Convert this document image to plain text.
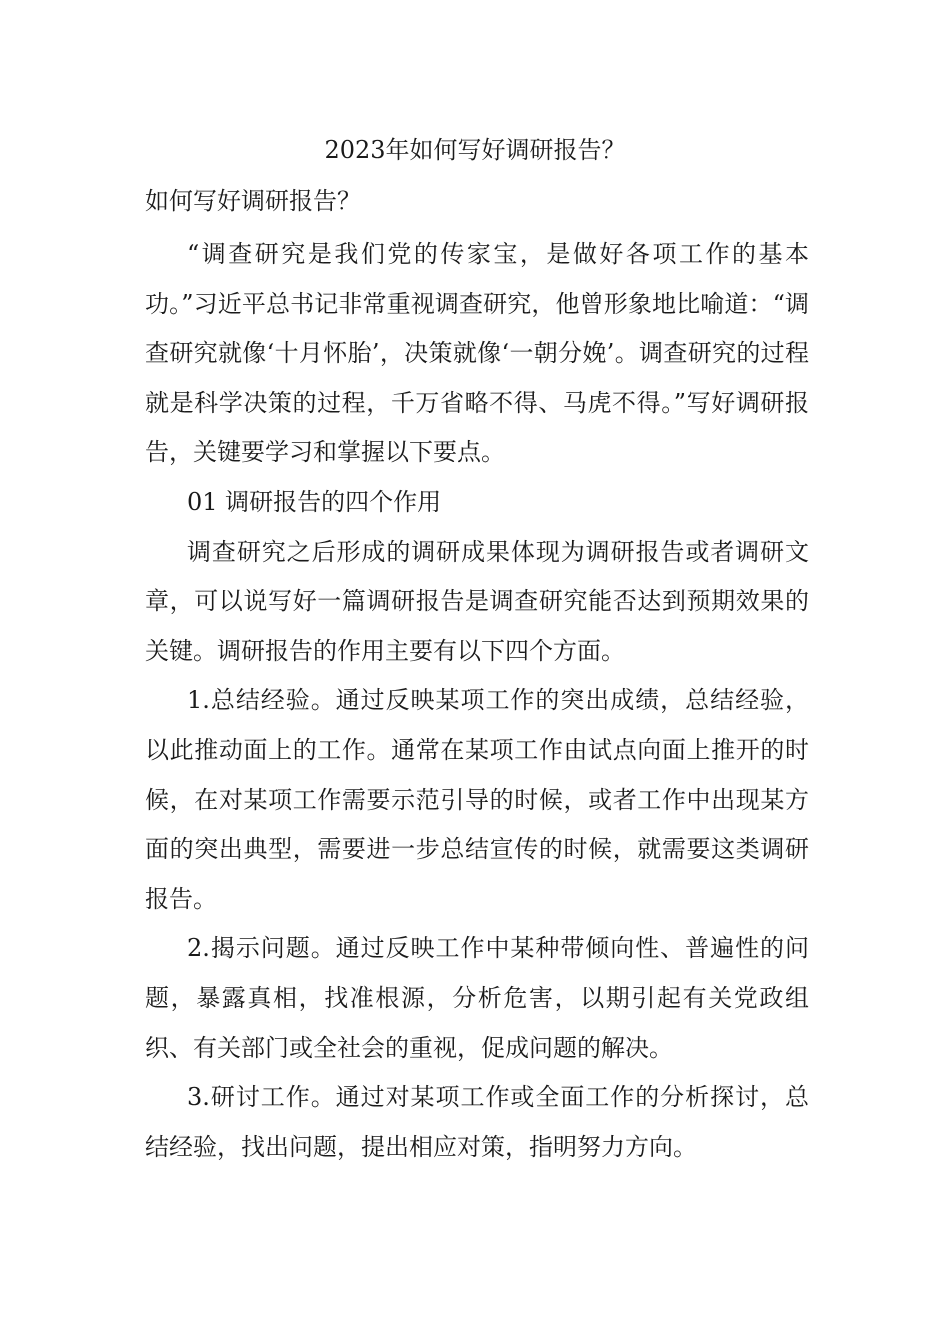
2023年如何写好调研报告？

如何写好调研报告？

“调查研究是我们党的传家宝，是做好各项工作的基本功。”习近平总书记非常重视调查研究，他曾形象地比喻道：“调查研究就像‘十月怀胎’，决策就像‘一朝分娩’。调查研究的过程就是科学决策的过程，千万省略不得、马虎不得。”写好调研报告，关键要学习和掌握以下要点。

01 调研报告的四个作用

调查研究之后形成的调研成果体现为调研报告或者调研文章，可以说写好一篇调研报告是调查研究能否达到预期效果的关键。调研报告的作用主要有以下四个方面。

1.总结经验。通过反映某项工作的突出成绩，总结经验，以此推动面上的工作。通常在某项工作由试点向面上推开的时候，在对某项工作需要示范引导的时候，或者工作中出现某方面的突出典型，需要进一步总结宣传的时候，就需要这类调研报告。

2.揭示问题。通过反映工作中某种带倾向性、普遍性的问题，暴露真相，找准根源，分析危害，以期引起有关党政组织、有关部门或全社会的重视，促成问题的解决。

3.研讨工作。通过对某项工作或全面工作的分析探讨，总结经验，找出问题，提出相应对策，指明努力方向。
